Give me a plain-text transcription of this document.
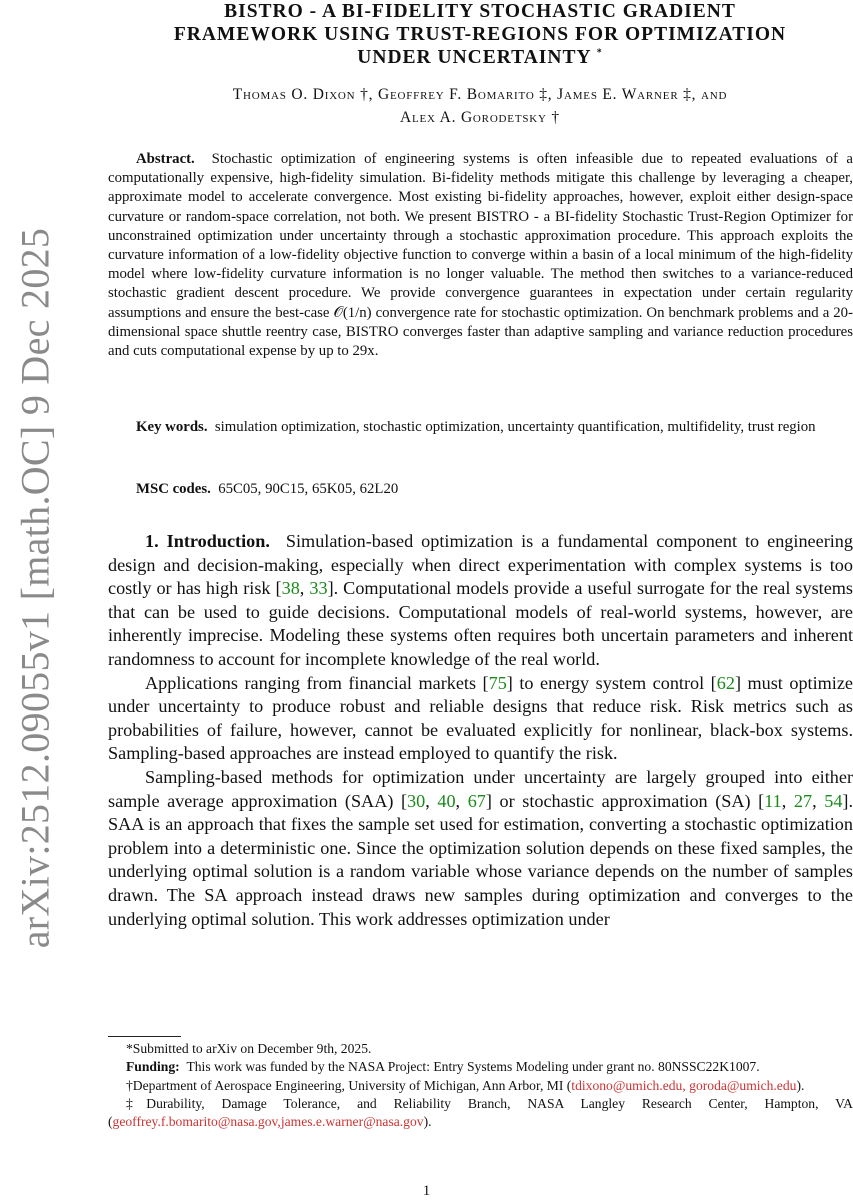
arXiv:2512.09055v1 [math.OC] 9 Dec 2025
BISTRO - A BI-FIDELITY STOCHASTIC GRADIENT
FRAMEWORK USING TRUST-REGIONS FOR OPTIMIZATION
UNDER UNCERTAINTY *
Thomas O. Dixon †, Geoffrey F. Bomarito ‡, James E. Warner ‡, and
Alex A. Gorodetsky †

Abstract. Stochastic optimization of engineering systems is often infeasible due to repeated evaluations of a computationally expensive, high-fidelity simulation. Bi-fidelity methods mitigate this challenge by leveraging a cheaper, approximate model to accelerate convergence. Most existing bi-fidelity approaches, however, exploit either design-space curvature or random-space correlation, not both. We present BISTRO - a BI-fidelity Stochastic Trust-Region Optimizer for unconstrained optimization under uncertainty through a stochastic approximation procedure. This approach exploits the curvature information of a low-fidelity objective function to converge within a basin of a local minimum of the high-fidelity model where low-fidelity curvature information is no longer valuable. The method then switches to a variance-reduced stochastic gradient descent procedure. We provide convergence guarantees in expectation under certain regularity assumptions and ensure the best-case 𝒪(1/n) convergence rate for stochastic optimization. On benchmark problems and a 20-dimensional space shuttle reentry case, BISTRO converges faster than adaptive sampling and variance reduction procedures and cuts computational expense by up to 29x.

Key words. simulation optimization, stochastic optimization, uncertainty quantification, multifidelity, trust region

MSC codes. 65C05, 90C15, 65K05, 62L20

1. Introduction. Simulation-based optimization is a fundamental component to engineering design and decision-making, especially when direct experimentation with complex systems is too costly or has high risk [38, 33]. Computational models provide a useful surrogate for the real systems that can be used to guide decisions. Computational models of real-world systems, however, are inherently imprecise. Modeling these systems often requires both uncertain parameters and inherent randomness to account for incomplete knowledge of the real world.

Applications ranging from financial markets [75] to energy system control [62] must optimize under uncertainty to produce robust and reliable designs that reduce risk. Risk metrics such as probabilities of failure, however, cannot be evaluated explicitly for nonlinear, black-box systems. Sampling-based approaches are instead employed to quantify the risk.

Sampling-based methods for optimization under uncertainty are largely grouped into either sample average approximation (SAA) [30, 40, 67] or stochastic approximation (SA) [11, 27, 54]. SAA is an approach that fixes the sample set used for estimation, converting a stochastic optimization problem into a deterministic one. Since the optimization solution depends on these fixed samples, the underlying optimal solution is a random variable whose variance depends on the number of samples drawn. The SA approach instead draws new samples during optimization and converges to the underlying optimal solution. This work addresses optimization under

*Submitted to arXiv on December 9th, 2025.

Funding: This work was funded by the NASA Project: Entry Systems Modeling under grant no. 80NSSC22K1007.

†Department of Aerospace Engineering, University of Michigan, Ann Arbor, MI (tdixono@umich.edu, goroda@umich.edu).

‡Durability, Damage Tolerance, and Reliability Branch, NASA Langley Research Center, Hampton, VA (geoffrey.f.bomarito@nasa.gov,james.e.warner@nasa.gov).

1
